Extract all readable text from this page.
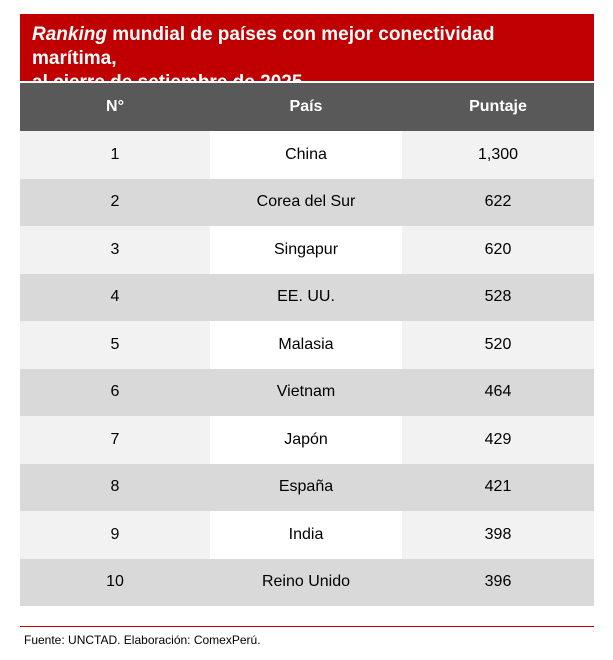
Ranking mundial de países con mejor conectividad marítima,
N°	País	Puntaje
1	China	1,300
2	Corea del Sur	622
3	Singapur	620
4	EE. UU.	528
5	Malasia	520
6	Vietnam	464
7	Japón	429
8	España	421
9	India	398
10	Reino Unido	396
Fuente: UNCTAD. Elaboración: ComexPerú.
